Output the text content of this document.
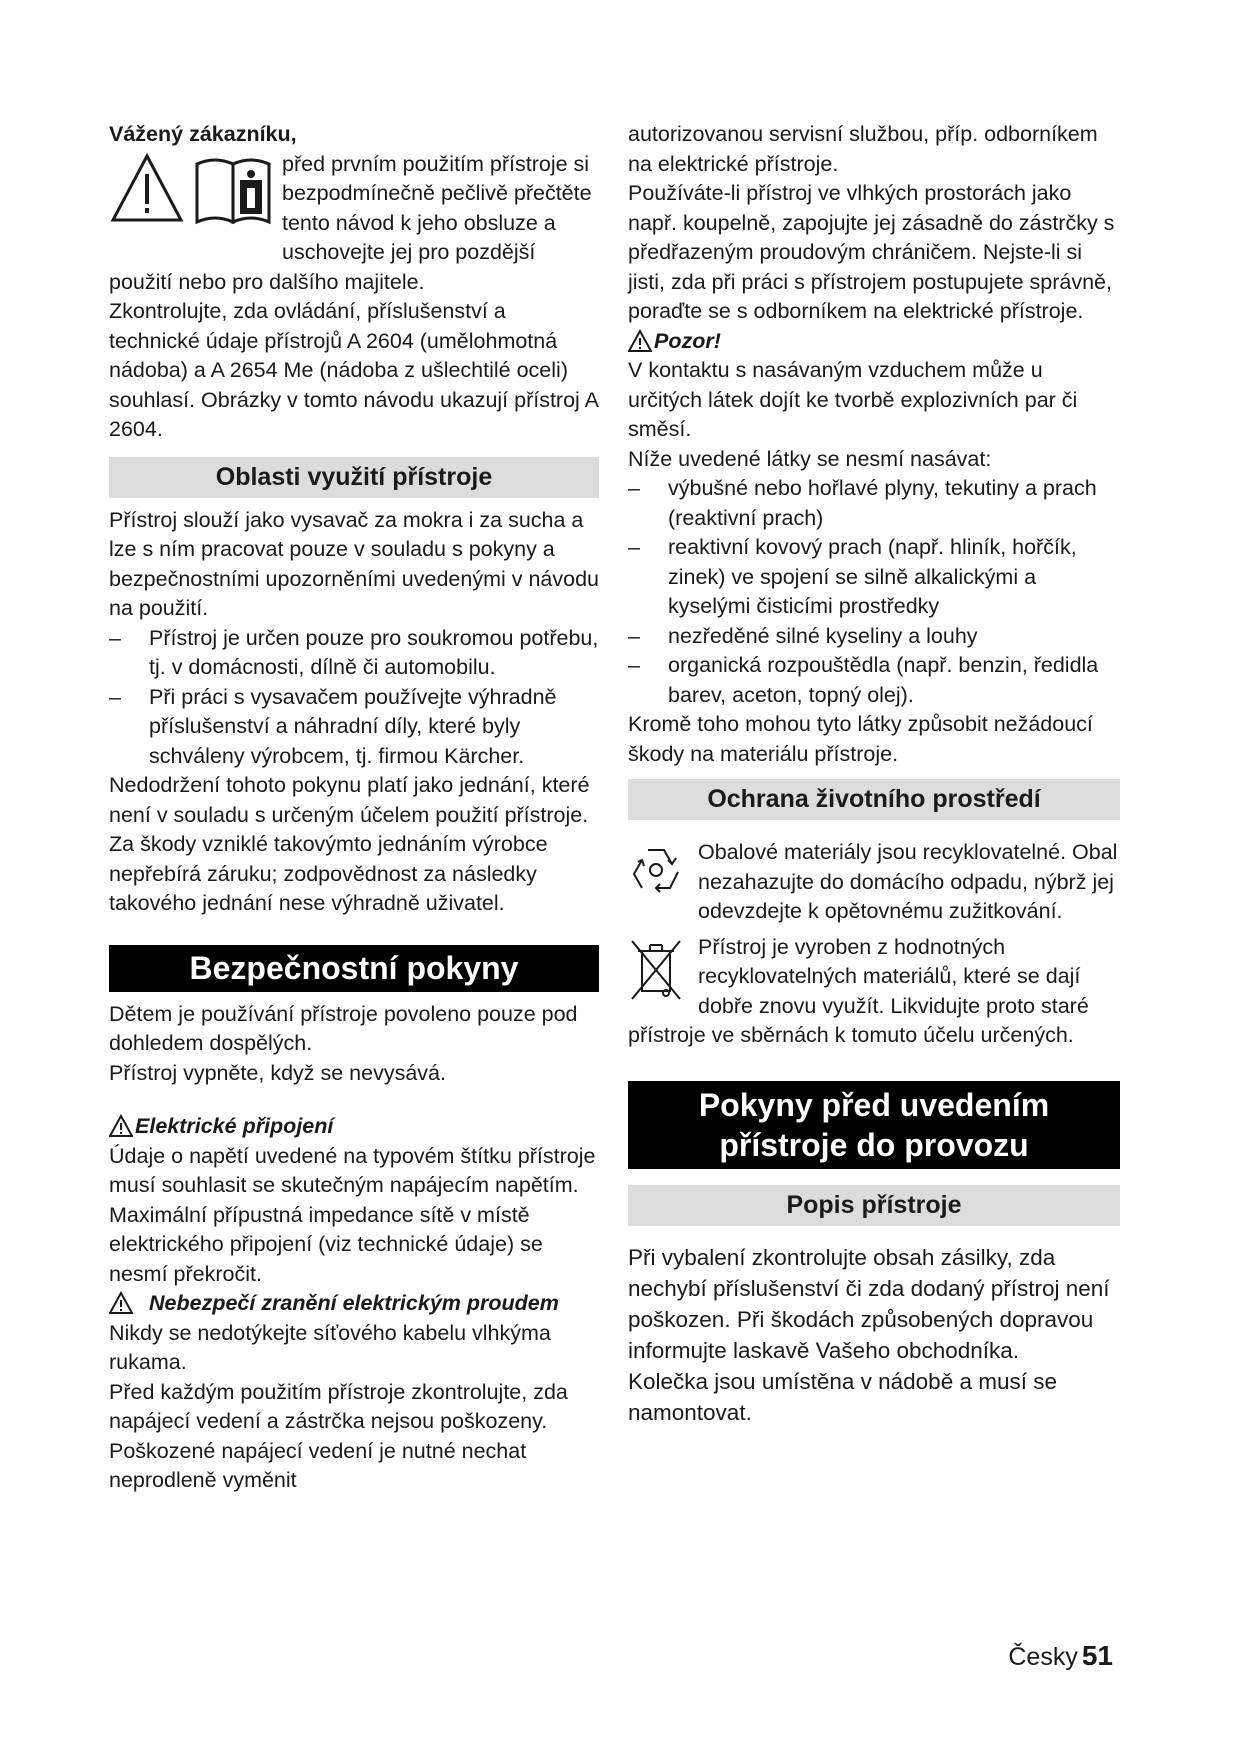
Vážený zákazníku,

před prvním použitím přístroje si bezpodmínečně pečlivě přečtěte tento návod k jeho obsluze a uschovejte jej pro pozdější použití nebo pro dalšího majitele.

Zkontrolujte, zda ovládání, příslušenství a technické údaje přístrojů A 2604 (umělohmotná nádoba) a A 2654 Me (nádoba z ušlechtilé oceli) souhlasí. Obrázky v tomto návodu ukazují přístroj A 2604.

Oblasti využití přístroje

Přístroj slouží jako vysavač za mokra i za sucha a lze s ním pracovat pouze v souladu s pokyny a bezpečnostními upozorněními uvedenými v návodu na použití.

– Přístroj je určen pouze pro soukromou potřebu, tj. v domácnosti, dílně či automobilu.
– Při práci s vysavačem používejte výhradně příslušenství a náhradní díly, které byly schváleny výrobcem, tj. firmou Kärcher.

Nedodržení tohoto pokynu platí jako jednání, které není v souladu s určeným účelem použití přístroje. Za škody vzniklé takovýmto jednáním výrobce nepřebírá záruku; zodpovědnost za následky takového jednání nese výhradně uživatel.

Bezpečnostní pokyny

Dětem je používání přístroje povoleno pouze pod dohledem dospělých.

Přístroj vypněte, když se nevysává.

Elektrické připojení

Údaje o napětí uvedené na typovém štítku přístroje musí souhlasit se skutečným napájecím napětím.

Maximální přípustná impedance sítě v místě elektrického připojení (viz technické údaje) se nesmí překročit.

Nebezpečí zranění elektrickým proudem

Nikdy se nedotýkejte síťového kabelu vlhkýma rukama.

Před každým použitím přístroje zkontrolujte, zda napájecí vedení a zástrčka nejsou poškozeny. Poškozené napájecí vedení je nutné nechat neprodleně vyměnit

autorizovanou servisní službou, příp. odborníkem na elektrické přístroje.

Používáte-li přístroj ve vlhkých prostorách jako např. koupelně, zapojujte jej zásadně do zástrčky s předřazeným proudovým chráničem. Nejste-li si jisti, zda při práci s přístrojem postupujete správně, poraďte se s odborníkem na elektrické přístroje.

Pozor!

V kontaktu s nasávaným vzduchem může u určitých látek dojít ke tvorbě explozivních par či směsí.

Níže uvedené látky se nesmí nasávat:

– výbušné nebo hořlavé plyny, tekutiny a prach (reaktivní prach)
– reaktivní kovový prach (např. hliník, hořčík, zinek) ve spojení se silně alkalickými a kyselými čisticími prostředky
– nezředěné silné kyseliny a louhy
– organická rozpouštědla (např. benzin, ředidla barev, aceton, topný olej).

Kromě toho mohou tyto látky způsobit nežádoucí škody na materiálu přístroje.

Ochrana životního prostředí

Obalové materiály jsou recyklovatelné. Obal nezahazujte do domácího odpadu, nýbrž jej odevzdejte k opětovnému zužitkování.

Přístroj je vyroben z hodnotných recyklovatelných materiálů, které se dají dobře znovu využít. Likvidujte proto staré přístroje ve sběrnách k tomuto účelu určených.

Pokyny před uvedením
přístroje do provozu
Popis přístroje

Při vybalení zkontrolujte obsah zásilky, zda nechybí příslušenství či zda dodaný přístroj není poškozen. Při škodách způsobených dopravou informujte laskavě Vašeho obchodníka.

Kolečka jsou umístěna v nádobě a musí se namontovat.

Česky 51
